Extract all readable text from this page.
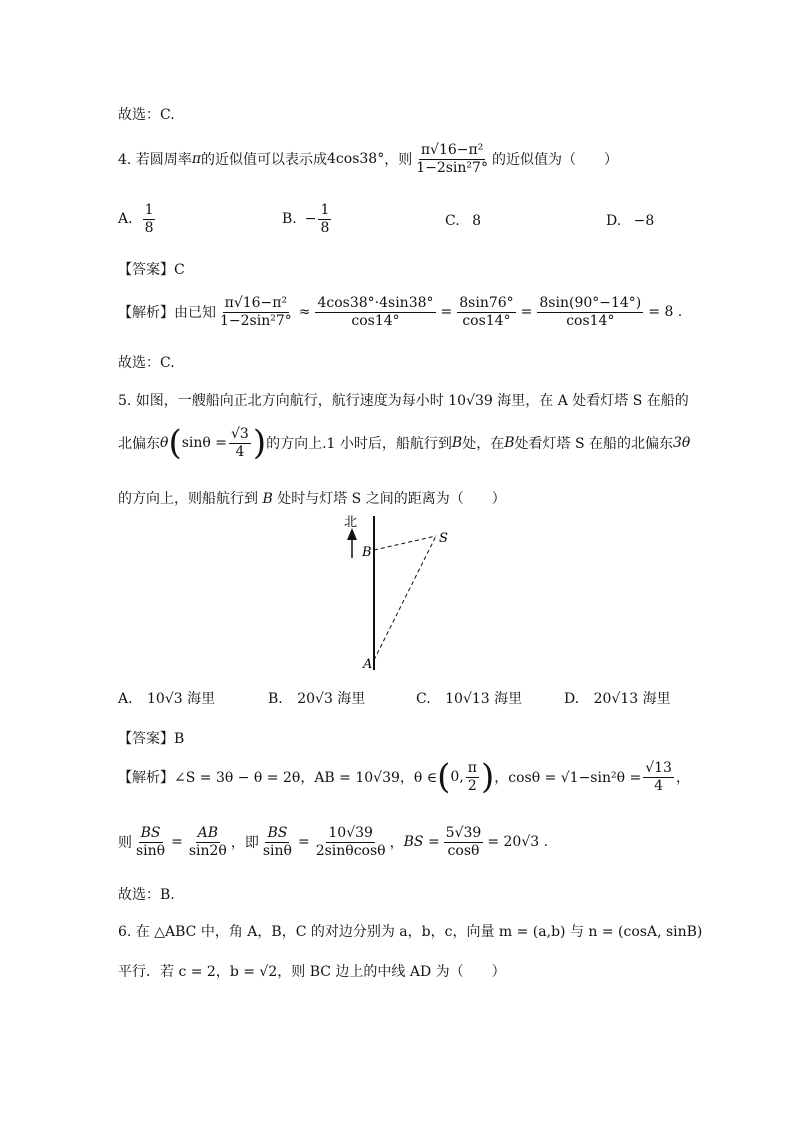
故选：C.
4. 若圆周率 π 的近似值可以表示成 4cos38° ，则 $\frac{\text{π√16−π²}}{\text{1−2sin²7°}}$ 的近似值为（　　）
A. $\frac{1}{8}$	B. − $\frac{1}{8}$	C. 8	D. −8
【答案】C
【解析】 由已知 $\frac{\text{π√16−π²}}{\text{1−2sin²7°}} \approx \frac{4\cos 38^\circ\cdot 4\sin 38^\circ}{\cos 14^\circ} = \frac{8\sin 76^\circ}{\cos 14^\circ} = \frac{8\sin(90^\circ-14^\circ)}{\cos 14^\circ} = 8$ .
故选：C.
5. 如图，一艘船向正北方向航行，航行速度为每小时 10√39 海里，在 A 处看灯塔 S 在船的
北偏东 θ ( $\sin\theta = \frac{√3}{4}$ ) 的方向上.1 小时后，船航行到 B 处，在 B 处看灯塔 S 在船的北偏东 3θ
的方向上，则船航行到 B 处时与灯塔 S 之间的距离为（　　）
北
B
S
A
A. 10√3 海里	B. 20√3 海里	C. 10√13 海里	D. 20√13 海里
【答案】B
【解析】 ∠S = 3θ − θ = 2θ，AB = 10√39，θ ∈ ( 0, $\frac{\pi}{2}$ ) ，$\cos\theta = √1-\sin^2\theta = \frac{√13}{4}$ ，
则 $\frac{BS}{\sin\theta} = \frac{AB}{\sin 2\theta}$ ，即 $\frac{BS}{\sin\theta} = \frac{10√39}{2\sin\theta\cos\theta}$ ， BS = $\frac{5√39}{\cos\theta} = 20√3$ .
故选：B.
6. 在 △ABC 中，角 A，B，C 的对边分别为 a，b，c，向量 m = (a,b) 与 n = (cosA, sinB)
平行．若 c = 2，b = √2，则 BC 边上的中线 AD 为（　　）
